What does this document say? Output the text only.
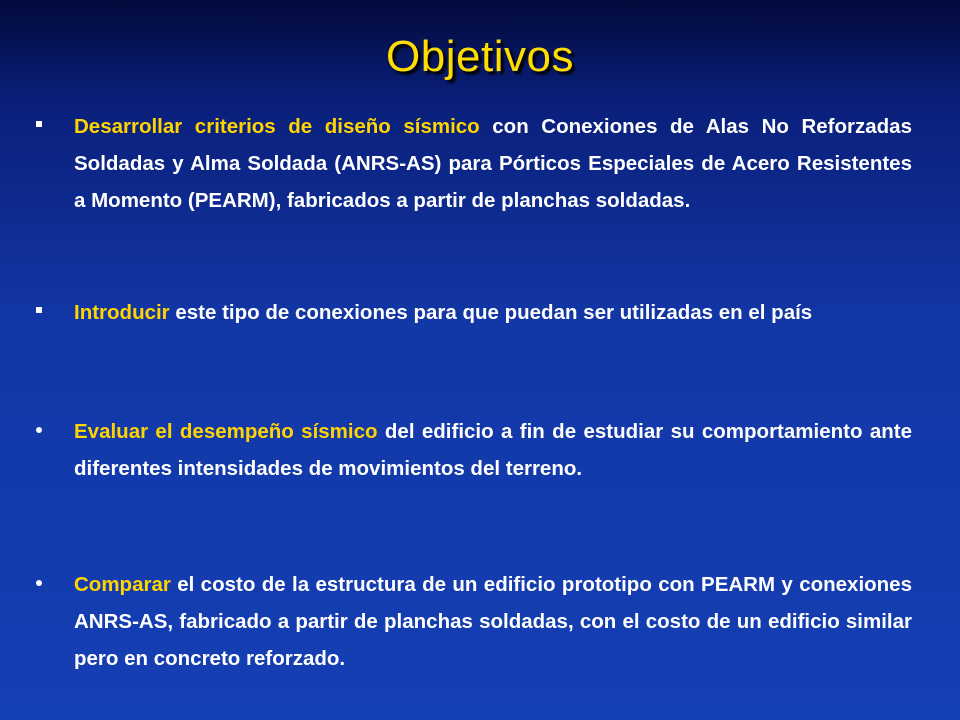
Objetivos
Desarrollar criterios de diseño sísmico con Conexiones de Alas No Reforzadas Soldadas y Alma Soldada (ANRS-AS) para Pórticos Especiales de Acero Resistentes a Momento (PEARM), fabricados a partir de planchas soldadas.
Introducir este tipo de conexiones para que puedan ser utilizadas en el país
Evaluar el desempeño sísmico del edificio a fin de estudiar su comportamiento ante diferentes intensidades de movimientos del terreno.
Comparar el costo de la estructura de un edificio prototipo con PEARM y conexiones ANRS-AS, fabricado a partir de planchas soldadas, con el costo de un edificio similar pero en concreto reforzado.
